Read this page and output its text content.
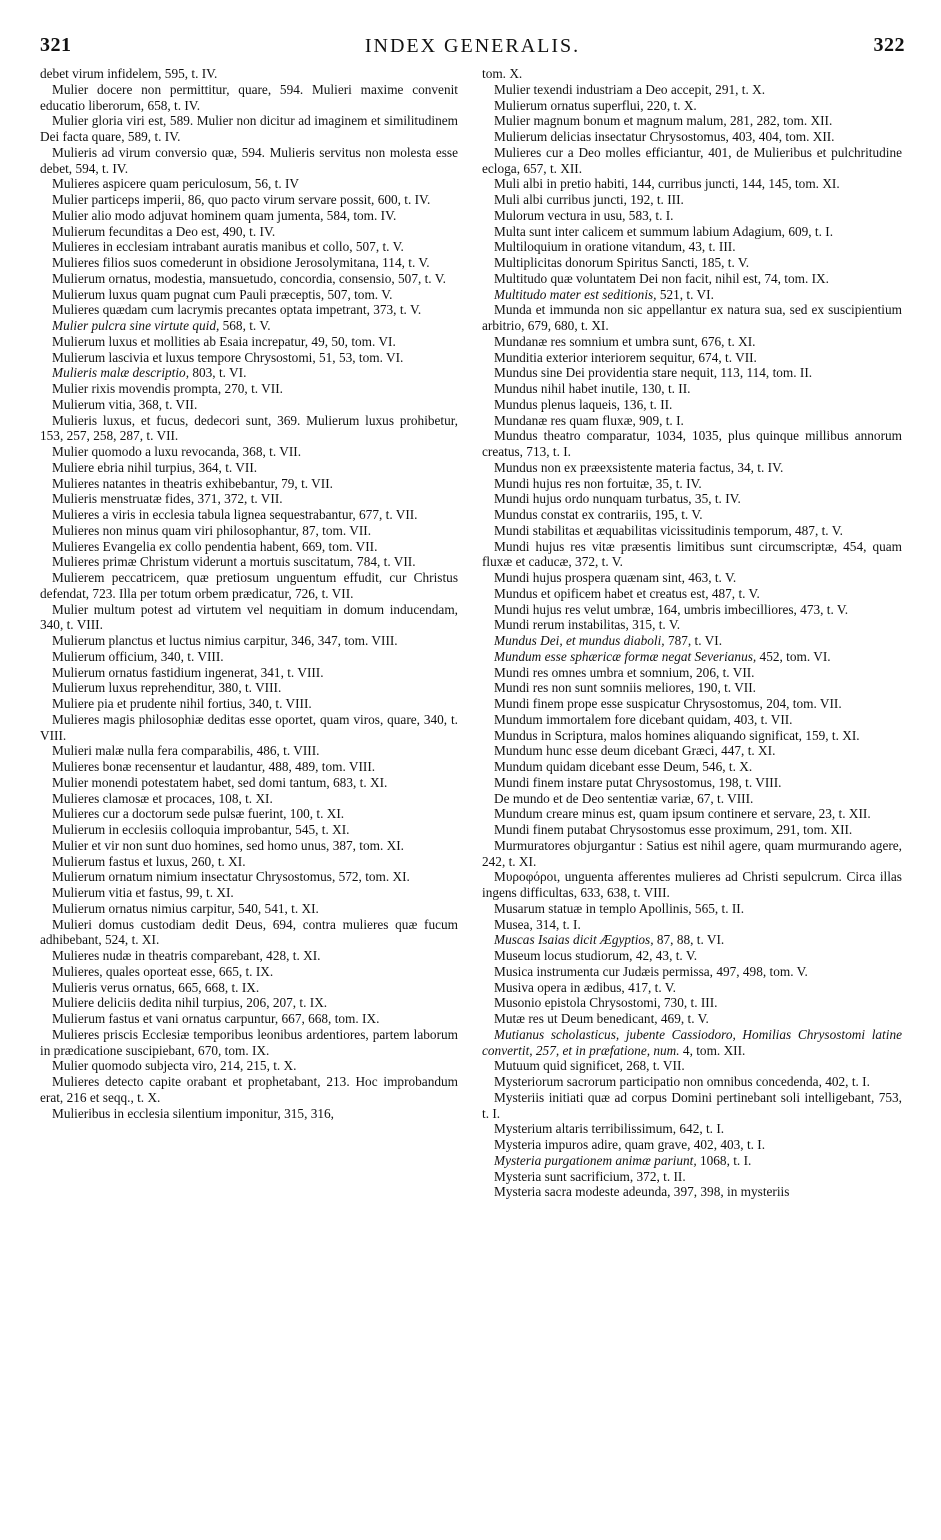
321	INDEX GENERALIS.	322

debet virum infidelem, 595, t. IV.

Mulier docere non permittitur, quare, 594. Mulieri maxime convenit educatio liberorum, 658, t. IV.

Mulier gloria viri est, 589. Mulier non dicitur ad imaginem et similitudinem Dei facta quare, 589, t. IV.

Mulieris ad virum conversio quæ, 594. Mulieris servitus non molesta esse debet, 594, t. IV.

Mulieres aspicere quam periculosum, 56, t. IV

Mulier particeps imperii, 86, quo pacto virum servare possit, 600, t. IV.

Mulier alio modo adjuvat hominem quam jumenta, 584, tom. IV.

Mulierum fecunditas a Deo est, 490, t. IV.

Mulieres in ecclesiam intrabant auratis manibus et collo, 507, t. V.

Mulieres filios suos comederunt in obsidione Jerosolymitana, 114, t. V.

Mulierum ornatus, modestia, mansuetudo, concordia, consensio, 507, t. V.

Mulierum luxus quam pugnat cum Pauli præceptis, 507, tom. V.

Mulieres quædam cum lacrymis precantes optata impetrant, 373, t. V.

Mulier pulcra sine virtute quid, 568, t. V.

Mulierum luxus et mollities ab Esaia increpatur, 49, 50, tom. VI.

Mulierum lascivia et luxus tempore Chrysostomi, 51, 53, tom. VI.

Mulieris malæ descriptio, 803, t. VI.

Mulier rixis movendis prompta, 270, t. VII.

Mulierum vitia, 368, t. VII.

Mulieris luxus, et fucus, dedecori sunt, 369. Mulierum luxus prohibetur, 153, 257, 258, 287, t. VII.

Mulier quomodo a luxu revocanda, 368, t. VII.

Muliere ebria nihil turpius, 364, t. VII.

Mulieres natantes in theatris exhibebantur, 79, t. VII.

Mulieris menstruatæ fides, 371, 372, t. VII.

Mulieres a viris in ecclesia tabula lignea sequestrabantur, 677, t. VII.

Mulieres non minus quam viri philosophantur, 87, tom. VII.

Mulieres Evangelia ex collo pendentia habent, 669, tom. VII.

Mulieres primæ Christum viderunt a mortuis suscitatum, 784, t. VII.

Mulierem peccatricem, quæ pretiosum unguentum effudit, cur Christus defendat, 723. Illa per totum orbem prædicatur, 726, t. VII.

Mulier multum potest ad virtutem vel nequitiam in domum inducendam, 340, t. VIII.

Mulierum planctus et luctus nimius carpitur, 346, 347, tom. VIII.

Mulierum officium, 340, t. VIII.

Mulierum ornatus fastidium ingenerat, 341, t. VIII.

Mulierum luxus reprehenditur, 380, t. VIII.

Muliere pia et prudente nihil fortius, 340, t. VIII.

Mulieres magis philosophiæ deditas esse oportet, quam viros, quare, 340, t. VIII.

Mulieri malæ nulla fera comparabilis, 486, t. VIII.

Mulieres bonæ recensentur et laudantur, 488, 489, tom. VIII.

Mulier monendi potestatem habet, sed domi tantum, 683, t. XI.

Mulieres clamosæ et procaces, 108, t. XI.

Mulieres cur a doctorum sede pulsæ fuerint, 100, t. XI.

Mulierum in ecclesiis colloquia improbantur, 545, t. XI.

Mulier et vir non sunt duo homines, sed homo unus, 387, tom. XI.

Mulierum fastus et luxus, 260, t. XI.

Mulierum ornatum nimium insectatur Chrysostomus, 572, tom. XI.

Mulierum vitia et fastus, 99, t. XI.

Mulierum ornatus nimius carpitur, 540, 541, t. XI.

Mulieri domus custodiam dedit Deus, 694, contra mulieres quæ fucum adhibebant, 524, t. XI.

Mulieres nudæ in theatris comparebant, 428, t. XI.

Mulieres, quales oporteat esse, 665, t. IX.

Mulieris verus ornatus, 665, 668, t. IX.

Muliere deliciis dedita nihil turpius, 206, 207, t. IX.

Mulierum fastus et vani ornatus carpuntur, 667, 668, tom. IX.

Mulieres priscis Ecclesiæ temporibus leonibus ardentiores, partem laborum in prædicatione suscipiebant, 670, tom. IX.

Mulier quomodo subjecta viro, 214, 215, t. X.

Mulieres detecto capite orabant et prophetabant, 213. Hoc improbandum erat, 216 et seqq., t. X.

Mulieribus in ecclesia silentium imponitur, 315, 316,

tom. X.

Mulier texendi industriam a Deo accepit, 291, t. X.

Mulierum ornatus superflui, 220, t. X.

Mulier magnum bonum et magnum malum, 281, 282, tom. XII.

Mulierum delicias insectatur Chrysostomus, 403, 404, tom. XII.

Mulieres cur a Deo molles efficiantur, 401, de Mulieribus et pulchritudine ecloga, 657, t. XII.

Muli albi in pretio habiti, 144, curribus juncti, 144, 145, tom. XI.

Muli albi curribus juncti, 192, t. III.

Mulorum vectura in usu, 583, t. I.

Multa sunt inter calicem et summum labium Adagium, 609, t. I.

Multiloquium in oratione vitandum, 43, t. III.

Multiplicitas donorum Spiritus Sancti, 185, t. V.

Multitudo quæ voluntatem Dei non facit, nihil est, 74, tom. IX.

Multitudo mater est seditionis, 521, t. VI.

Munda et immunda non sic appellantur ex natura sua, sed ex suscipientium arbitrio, 679, 680, t. XI.

Mundanæ res somnium et umbra sunt, 676, t. XI.

Munditia exterior interiorem sequitur, 674, t. VII.

Mundus sine Dei providentia stare nequit, 113, 114, tom. II.

Mundus nihil habet inutile, 130, t. II.

Mundus plenus laqueis, 136, t. II.

Mundanæ res quam fluxæ, 909, t. I.

Mundus theatro comparatur, 1034, 1035, plus quinque millibus annorum creatus, 713, t. I.

Mundus non ex præexsistente materia factus, 34, t. IV.

Mundi hujus res non fortuitæ, 35, t. IV.

Mundi hujus ordo nunquam turbatus, 35, t. IV.

Mundus constat ex contrariis, 195, t. V.

Mundi stabilitas et æquabilitas vicissitudinis temporum, 487, t. V.

Mundi hujus res vitæ præsentis limitibus sunt circumscriptæ, 454, quam fluxæ et caducæ, 372, t. V.

Mundi hujus prospera quænam sint, 463, t. V.

Mundus et opificem habet et creatus est, 487, t. V.

Mundi hujus res velut umbræ, 164, umbris imbecilliores, 473, t. V.

Mundi rerum instabilitas, 315, t. V.

Mundus Dei, et mundus diaboli, 787, t. VI.

Mundum esse sphæricæ formæ negat Severianus, 452, tom. VI.

Mundi res omnes umbra et somnium, 206, t. VII.

Mundi res non sunt somniis meliores, 190, t. VII.

Mundi finem prope esse suspicatur Chrysostomus, 204, tom. VII.

Mundum immortalem fore dicebant quidam, 403, t. VII.

Mundus in Scriptura, malos homines aliquando significat, 159, t. XI.

Mundum hunc esse deum dicebant Græci, 447, t. XI.

Mundum quidam dicebant esse Deum, 546, t. X.

Mundi finem instare putat Chrysostomus, 198, t. VIII.

De mundo et de Deo sententiæ variæ, 67, t. VIII.

Mundum creare minus est, quam ipsum continere et servare, 23, t. XII.

Mundi finem putabat Chrysostomus esse proximum, 291, tom. XII.

Murmuratores objurgantur : Satius est nihil agere, quam murmurando agere, 242, t. XI.

Μυροφόροι, unguenta afferentes mulieres ad Christi sepulcrum. Circa illas ingens difficultas, 633, 638, t. VIII.

Musarum statuæ in templo Apollinis, 565, t. II.

Musea, 314, t. I.

Muscas Isaias dicit Ægyptios, 87, 88, t. VI.

Museum locus studiorum, 42, 43, t. V.

Musica instrumenta cur Judæis permissa, 497, 498, tom. V.

Musiva opera in ædibus, 417, t. V.

Musonio epistola Chrysostomi, 730, t. III.

Mutæ res ut Deum benedicant, 469, t. V.

Mutianus scholasticus, jubente Cassiodoro, Homilias Chrysostomi latine convertit, 257, et in præfatione, num. 4, tom. XII.

Mutuum quid significet, 268, t. VII.

Mysteriorum sacrorum participatio non omnibus concedenda, 402, t. I.

Mysteriis initiati quæ ad corpus Domini pertinebant soli intelligebant, 753, t. I.

Mysterium altaris terribilissimum, 642, t. I.

Mysteria impuros adire, quam grave, 402, 403, t. I.

Mysteria purgationem animæ pariunt, 1068, t. I.

Mysteria sunt sacrificium, 372, t. II.

Mysteria sacra modeste adeunda, 397, 398, in mysteriis
